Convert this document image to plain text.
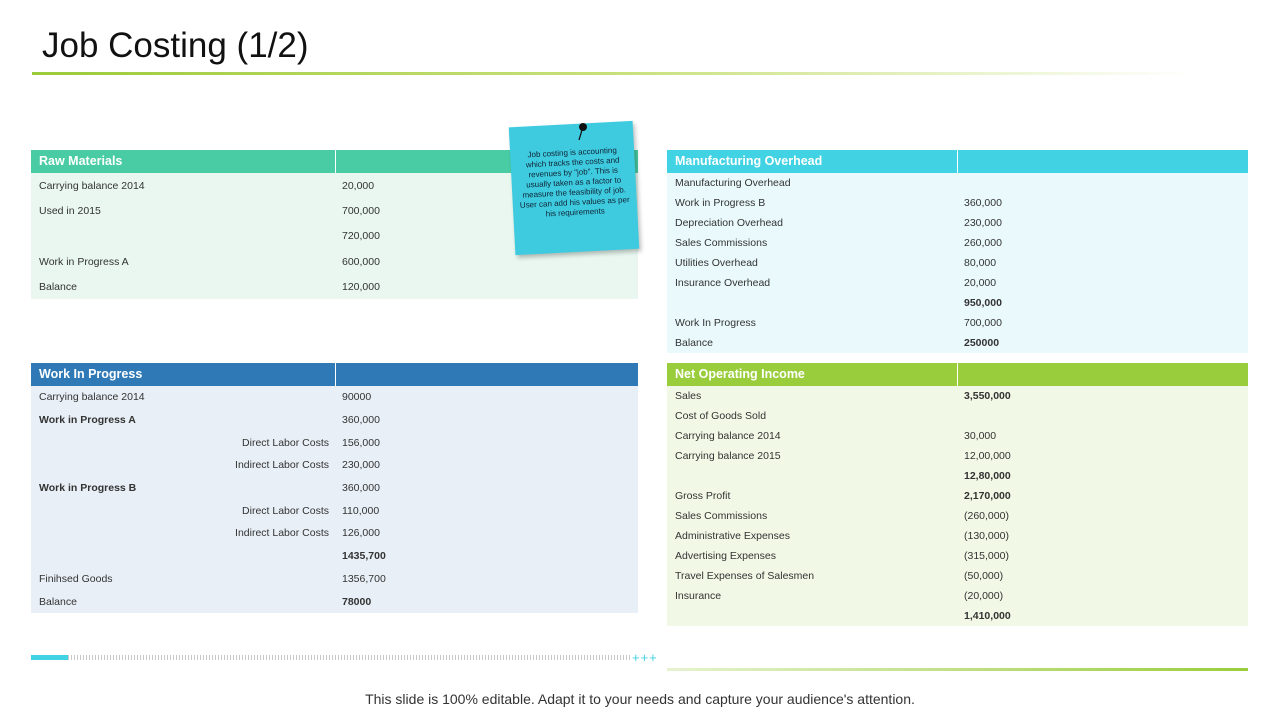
Job Costing (1/2)
Raw Materials
Carrying balance 2014	20,000
Used in 2015	700,000
720,000
Work in Progress A	600,000
Balance	120,000
Work In Progress
Carrying balance 2014	90000
Work in Progress A	360,000
Direct Labor Costs	156,000
Indirect Labor Costs	230,000
Work in Progress B	360,000
Direct Labor Costs	110,000
Indirect Labor Costs	126,000
1435,700
Finihsed Goods	1356,700
Balance	78000
Manufacturing Overhead
Manufacturing Overhead
Work in Progress B	360,000
Depreciation Overhead	230,000
Sales Commissions	260,000
Utilities Overhead	80,000
Insurance Overhead	20,000
950,000
Work In Progress	700,000
Balance	250000
Net Operating Income
Sales	3,550,000
Cost of Goods Sold
Carrying balance 2014	30,000
Carrying balance 2015	12,00,000
12,80,000
Gross Profit	2,170,000
Sales Commissions	(260,000)
Administrative Expenses	(130,000)
Advertising Expenses	(315,000)
Travel Expenses of Salesmen	(50,000)
Insurance	(20,000)
1,410,000
Job costing is accounting which tracks the costs and revenues by "job". This is usually taken as a factor to measure the feasibility of job. User can add his values as per his requirements
+++
This slide is 100% editable. Adapt it to your needs and capture your audience's attention.
